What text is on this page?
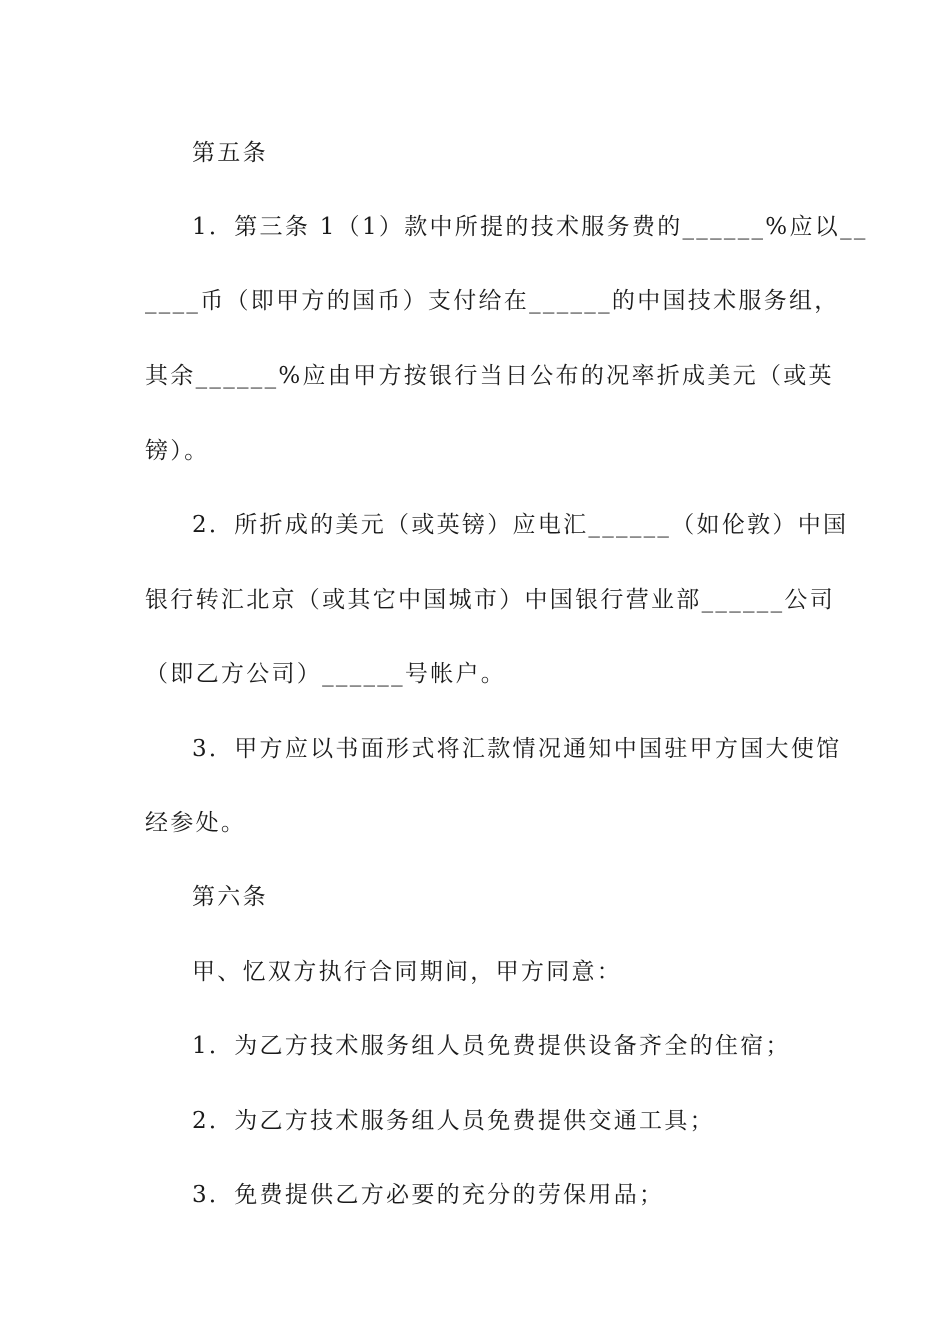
第五条
1．第三条 1（1）款中所提的技术服务费的______%应以__
____币（即甲方的国币）支付给在______的中国技术服务组，
其余______%应由甲方按银行当日公布的况率折成美元（或英
镑）。
2．所折成的美元（或英镑）应电汇______（如伦敦）中国
银行转汇北京（或其它中国城市）中国银行营业部______公司
（即乙方公司）______号帐户。
3．甲方应以书面形式将汇款情况通知中国驻甲方国大使馆
经参处。
第六条
甲、忆双方执行合同期间，甲方同意：
1．为乙方技术服务组人员免费提供设备齐全的住宿；
2．为乙方技术服务组人员免费提供交通工具；
3．免费提供乙方必要的充分的劳保用品；
